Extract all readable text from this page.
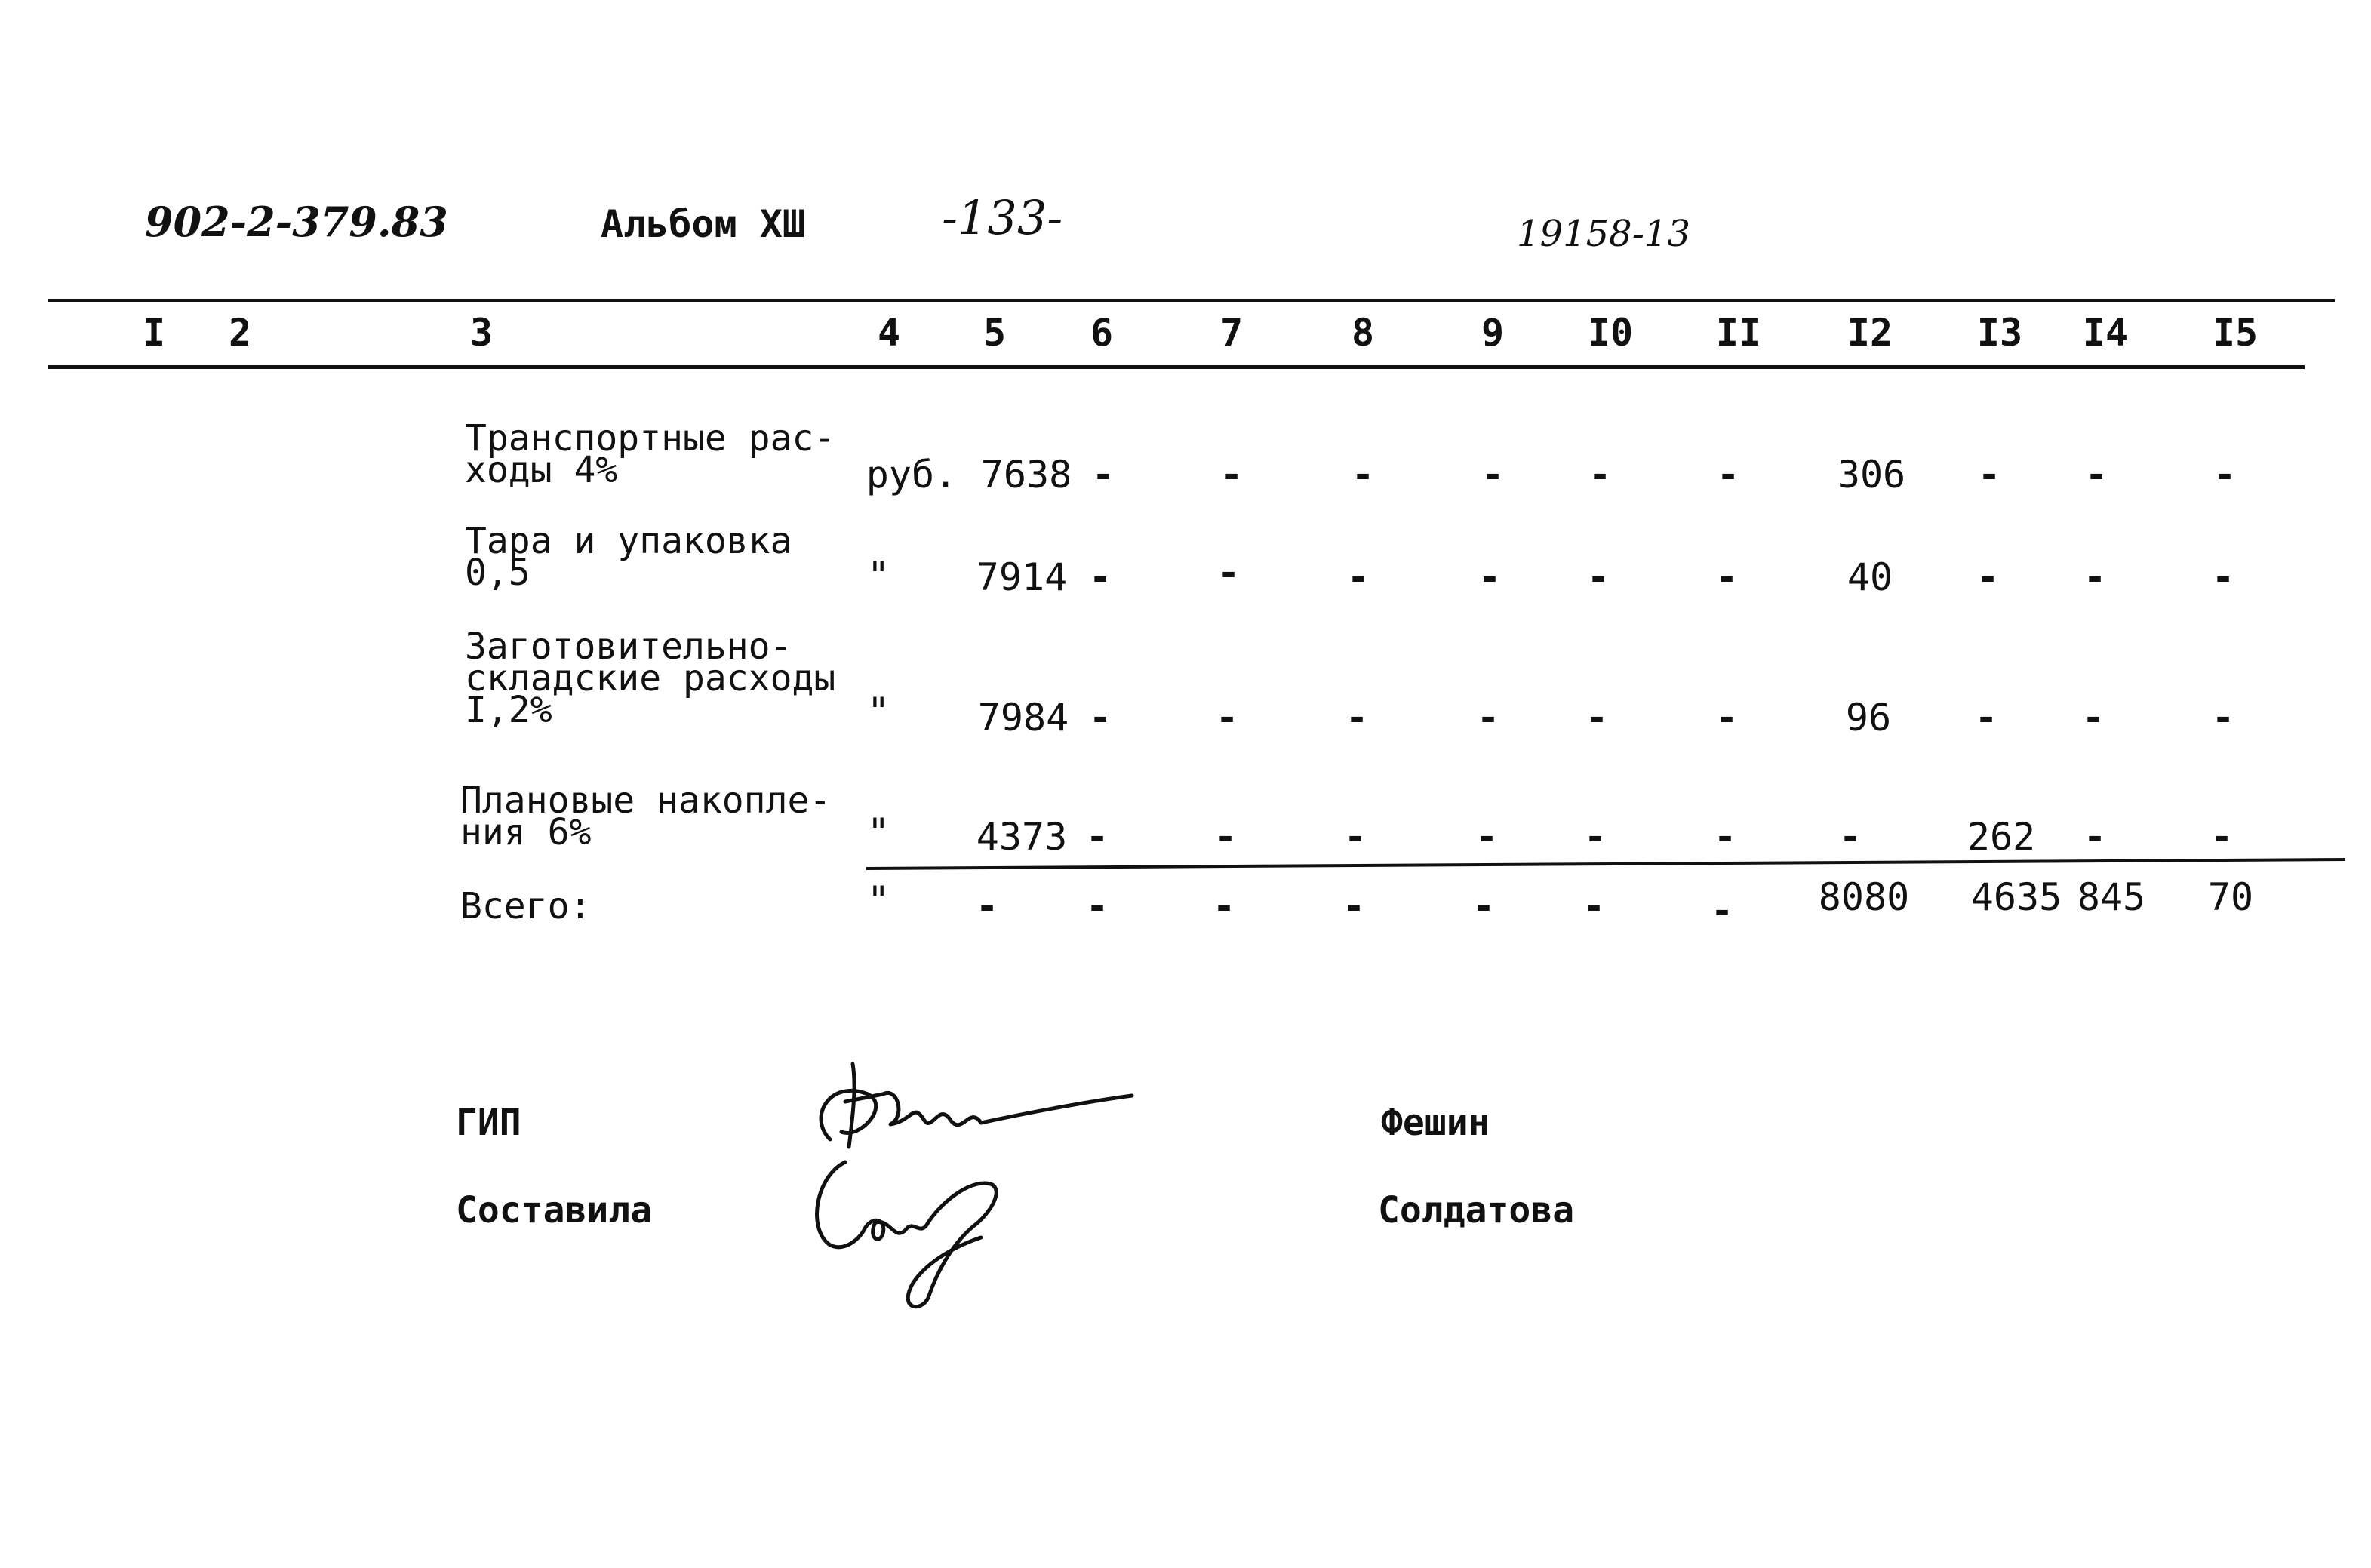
902-2-379.83	Альбом XШ	-133-	19158-13
I 2	3	4 5 6	7	8	9 I0 II I2 I3 I4 I5
Транспортные рас-
ходы 4%	руб. 7638 -	-	-	- -	-	306 - -	-
Тара и упаковка
0,5	" 7914 -	-	-	- -	-	40 - -	-
Заготовительно-
складские расходы
I,2%	" 7984 -	-	-	- -	-	96 - -	-
Плановые накопле-
ния 6%	" 4373 -	-	-	- -	-	-	262 -	-
Всего:	" - -	-	-	- -	- 8080 4635 845 70
ГИП	Фешин
Составила	Солдатова
